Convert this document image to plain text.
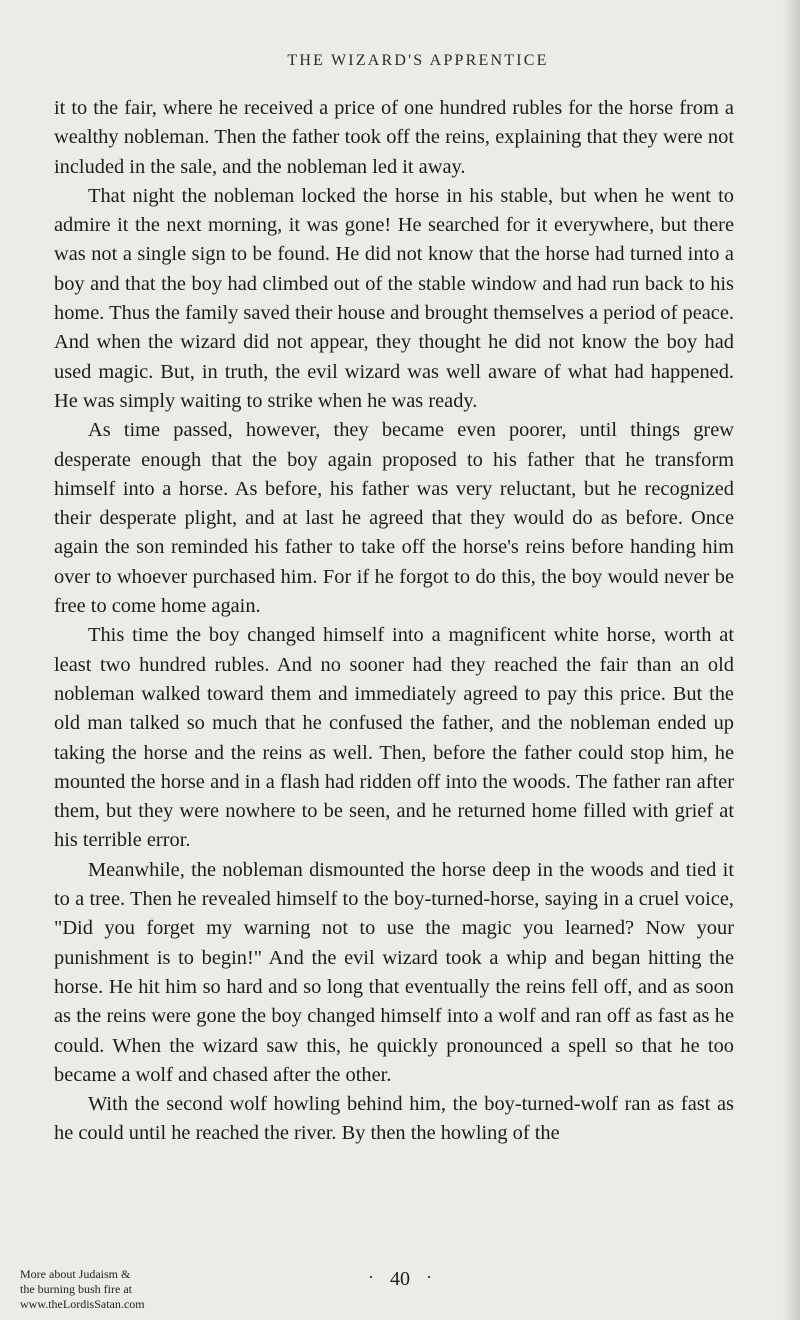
THE WIZARD'S APPRENTICE

it to the fair, where he received a price of one hundred rubles for the horse from a wealthy nobleman. Then the father took off the reins, explaining that they were not included in the sale, and the nobleman led it away.

That night the nobleman locked the horse in his stable, but when he went to admire it the next morning, it was gone! He searched for it everywhere, but there was not a single sign to be found. He did not know that the horse had turned into a boy and that the boy had climbed out of the stable window and had run back to his home. Thus the family saved their house and brought themselves a period of peace. And when the wizard did not appear, they thought he did not know the boy had used magic. But, in truth, the evil wizard was well aware of what had happened. He was simply waiting to strike when he was ready.

As time passed, however, they became even poorer, until things grew desperate enough that the boy again proposed to his father that he transform himself into a horse. As before, his father was very reluctant, but he recognized their desperate plight, and at last he agreed that they would do as before. Once again the son reminded his father to take off the horse's reins before handing him over to whoever purchased him. For if he forgot to do this, the boy would never be free to come home again.

This time the boy changed himself into a magnificent white horse, worth at least two hundred rubles. And no sooner had they reached the fair than an old nobleman walked toward them and immediately agreed to pay this price. But the old man talked so much that he confused the father, and the nobleman ended up taking the horse and the reins as well. Then, before the father could stop him, he mounted the horse and in a flash had ridden off into the woods. The father ran after them, but they were nowhere to be seen, and he returned home filled with grief at his terrible error.

Meanwhile, the nobleman dismounted the horse deep in the woods and tied it to a tree. Then he revealed himself to the boy-turned-horse, saying in a cruel voice, "Did you forget my warning not to use the magic you learned? Now your punishment is to begin!" And the evil wizard took a whip and began hitting the horse. He hit him so hard and so long that eventually the reins fell off, and as soon as the reins were gone the boy changed himself into a wolf and ran off as fast as he could. When the wizard saw this, he quickly pronounced a spell so that he too became a wolf and chased after the other.

With the second wolf howling behind him, the boy-turned-wolf ran as fast as he could until he reached the river. By then the howling of the

· 40 ·
More about Judaism &
the burning bush fire at
www.theLordisSatan.com
